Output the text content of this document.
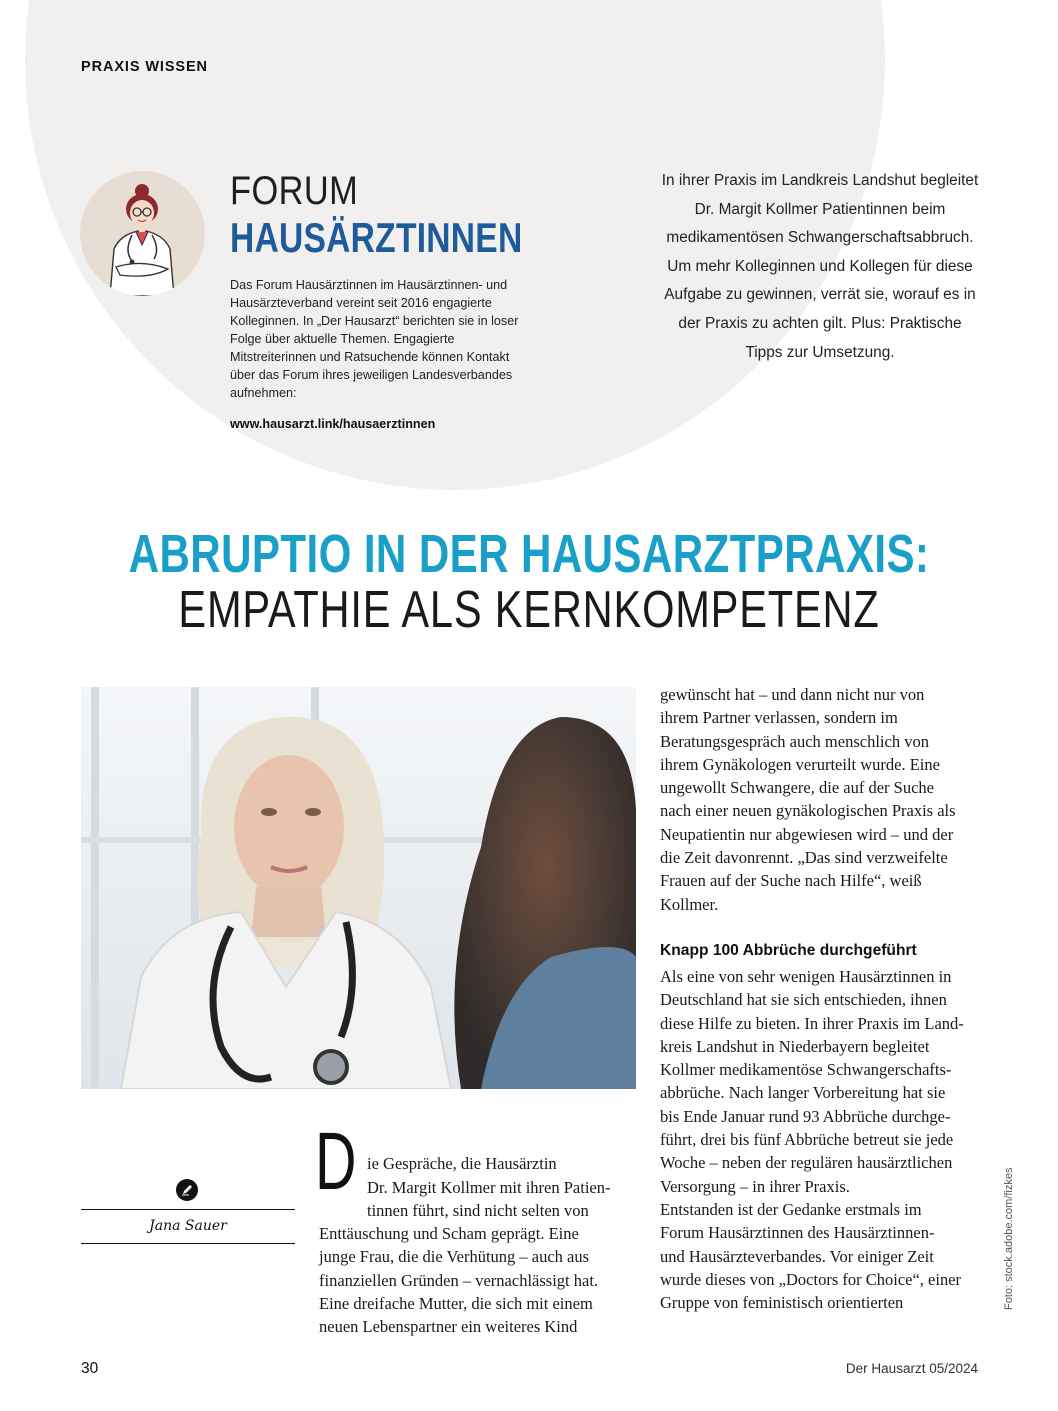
PRAXIS WISSEN
FORUM
HAUSÄRZTINNEN
Das Forum Hausärztinnen im Hausärztinnen- und Hausärzteverband vereint seit 2016 engagierte Kolleginnen. In „Der Hausarzt“ berichten sie in loser Folge über aktuelle Themen. Engagierte Mitstreiterinnen und Ratsuchende können Kontakt über das Forum ihres jeweiligen Landesverbandes aufnehmen:
www.hausarzt.link/hausaerztinnen
In ihrer Praxis im Landkreis Landshut begleitet Dr. Margit Kollmer Patientinnen beim medikamentösen Schwangerschaftsabbruch. Um mehr Kolleginnen und Kollegen für diese Aufgabe zu gewinnen, verrät sie, worauf es in der Praxis zu achten gilt. Plus: Praktische Tipps zur Umsetzung.
ABRUPTIO IN DER HAUSARZTPRAXIS:
EMPATHIE ALS KERNKOMPETENZ
Jana Sauer
D ie Gespräche, die Hausärztin
Dr. Margit Kollmer mit ihren Patien-
tinnen führt, sind nicht selten von
Enttäuschung und Scham geprägt. Eine
junge Frau, die die Verhütung – auch aus
finanziellen Gründen – vernachlässigt hat.
Eine dreifache Mutter, die sich mit einem
neuen Lebenspartner ein weiteres Kind

gewünscht hat – und dann nicht nur von
ihrem Partner verlassen, sondern im
Beratungsgespräch auch menschlich von
ihrem Gynäkologen verurteilt wurde. Eine
ungewollt Schwangere, die auf der Suche
nach einer neuen gynäkologischen Praxis als
Neupatientin nur abgewiesen wird – und der
die Zeit davonrennt. „Das sind verzweifelte
Frauen auf der Suche nach Hilfe“, weiß
Kollmer.
Knapp 100 Abbrüche durchgeführt
Als eine von sehr wenigen Hausärztinnen in
Deutschland hat sie sich entschieden, ihnen
diese Hilfe zu bieten. In ihrer Praxis im Land-
kreis Landshut in Niederbayern begleitet
Kollmer medikamentöse Schwangerschafts-
abbrüche. Nach langer Vorbereitung hat sie
bis Ende Januar rund 93 Abbrüche durchge-
führt, drei bis fünf Abbrüche betreut sie jede
Woche – neben der regulären hausärztlichen
Versorgung – in ihrer Praxis.
Entstanden ist der Gedanke erstmals im
Forum Hausärztinnen des Hausärztinnen-
und Hausärzteverbandes. Vor einiger Zeit
wurde dieses von „Doctors for Choice“, einer
Gruppe von feministisch orientierten	Foto: stock.adobe.com/fizkes
30	Der Hausarzt 05/2024
